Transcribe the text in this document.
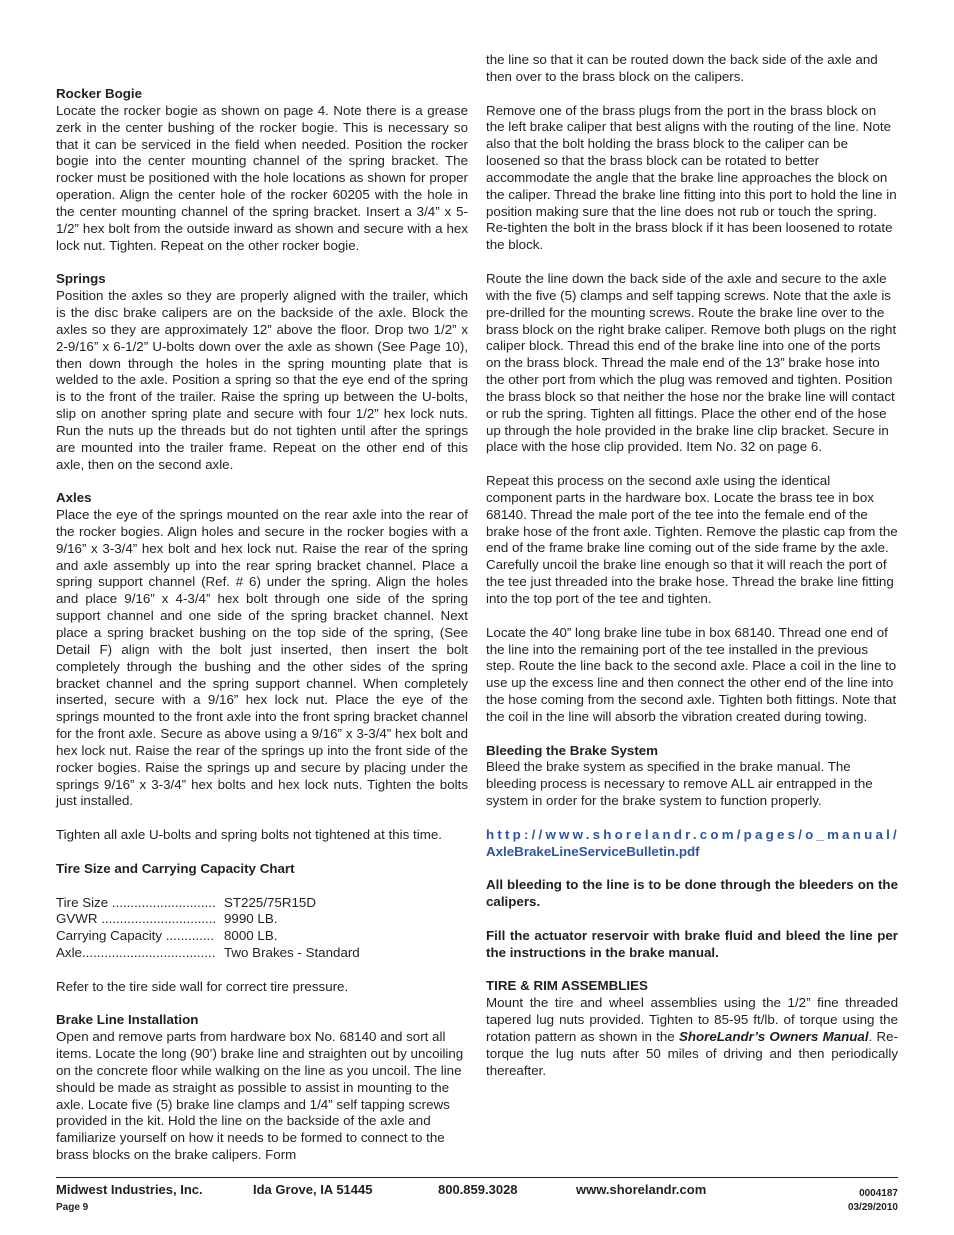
Rocker Bogie

Locate the rocker bogie as shown on page 4. Note there is a grease zerk in the center bushing of the rocker bogie. This is necessary so that it can be serviced in the field when needed. Position the rocker bogie into the center mounting channel of the spring bracket. The rocker must be positioned with the hole locations as shown for proper operation. Align the center hole of the rocker 60205 with the hole in the center mounting channel of the spring bracket. Insert a 3/4” x 5-1/2” hex bolt from the outside inward as shown and secure with a hex lock nut. Tighten. Repeat on the other rocker bogie.

Springs

Position the axles so they are properly aligned with the trailer, which is the disc brake calipers are on the backside of the axle. Block the axles so they are approximately 12” above the floor. Drop two 1/2” x 2-9/16” x 6-1/2” U-bolts down over the axle as shown (See Page 10), then down through the holes in the spring mounting plate that is welded to the axle. Position a spring so that the eye end of the spring is to the front of the trailer. Raise the spring up between the U-bolts, slip on another spring plate and secure with four 1/2” hex lock nuts. Run the nuts up the threads but do not tighten until after the springs are mounted into the trailer frame. Repeat on the other end of this axle, then on the second axle.

Axles

Place the eye of the springs mounted on the rear axle into the rear of the rocker bogies. Align holes and secure in the rocker bogies with a 9/16” x 3-3/4” hex bolt and hex lock nut. Raise the rear of the spring and axle assembly up into the rear spring bracket channel. Place a spring support channel (Ref. # 6) under the spring. Align the holes and place 9/16” x 4-3/4” hex bolt through one side of the spring support channel and one side of the spring bracket channel. Next place a spring bracket bushing on the top side of the spring, (See Detail F) align with the bolt just inserted, then insert the bolt completely through the bushing and the other sides of the spring bracket channel and the spring support channel. When completely inserted, secure with a 9/16” hex lock nut. Place the eye of the springs mounted to the front axle into the front spring bracket channel for the front axle. Secure as above using a 9/16” x 3-3/4” hex bolt and hex lock nut. Raise the rear of the springs up into the front side of the rocker bogies. Raise the springs up and secure by placing under the springs 9/16” x 3-3/4” hex bolts and hex lock nuts. Tighten the bolts just installed.

Tighten all axle U-bolts and spring bolts not tightened at this time.

Tire Size and Carrying Capacity Chart
Tire Size ............................ ST225/75R15D
GVWR ............................... 9990 LB.
Carrying Capacity ............. 8000 LB.
Axle.................................... Two Brakes - Standard

Refer to the tire side wall for correct tire pressure.

Brake Line Installation

Open and remove parts from hardware box No. 68140 and sort all items. Locate the long (90’) brake line and straighten out by uncoiling on the concrete floor while walking on the line as you uncoil. The line should be made as straight as possible to assist in mounting to the axle. Locate five (5) brake line clamps and 1/4” self tapping screws provided in the kit. Hold the line on the backside of the axle and familiarize yourself on how it needs to be formed to connect to the brass blocks on the brake calipers. Form

the line so that it can be routed down the back side of the axle and then over to the brass block on the calipers.

Remove one of the brass plugs from the port in the brass block on the left brake caliper that best aligns with the routing of the line. Note also that the bolt holding the brass block to the caliper can be loosened so that the brass block can be rotated to better accommodate the angle that the brake line approaches the block on the caliper. Thread the brake line fitting into this port to hold the line in position making sure that the line does not rub or touch the spring. Re-tighten the bolt in the brass block if it has been loosened to rotate the block.

Route the line down the back side of the axle and secure to the axle with the five (5) clamps and self tapping screws. Note that the axle is pre-drilled for the mounting screws. Route the brake line over to the brass block on the right brake caliper. Remove both plugs on the right caliper block. Thread this end of the brake line into one of the ports on the brass block. Thread the male end of the 13” brake hose into the other port from which the plug was removed and tighten. Position the brass block so that neither the hose nor the brake line will contact or rub the spring. Tighten all fittings. Place the other end of the hose up through the hole provided in the brake line clip bracket. Secure in place with the hose clip provided. Item No. 32 on page 6.

Repeat this process on the second axle using the identical component parts in the hardware box. Locate the brass tee in box 68140. Thread the male port of the tee into the female end of the brake hose of the front axle. Tighten. Remove the plastic cap from the end of the frame brake line coming out of the side frame by the axle. Carefully uncoil the brake line enough so that it will reach the port of the tee just threaded into the brake hose. Thread the brake line fitting into the top port of the tee and tighten.

Locate the 40” long brake line tube in box 68140. Thread one end of the line into the remaining port of the tee installed in the previous step. Route the line back to the second axle. Place a coil in the line to use up the excess line and then connect the other end of the line into the hose coming from the second axle. Tighten both fittings. Note that the coil in the line will absorb the vibration created during towing.

Bleeding the Brake System

Bleed the brake system as specified in the brake manual. The bleeding process is necessary to remove ALL air entrapped in the system in order for the brake system to function properly.

http://www.shorelandr.com/pages/o_manual/
AxleBrakeLineServiceBulletin.pdf

All bleeding to the line is to be done through the bleeders on the calipers.

Fill the actuator reservoir with brake fluid and bleed the line per the instructions in the brake manual.

TIRE & RIM ASSEMBLIES

Mount the tire and wheel assemblies using the 1/2” fine threaded tapered lug nuts provided. Tighten to 85-95 ft/lb. of torque using the rotation pattern as shown in the ShoreLandr’s Owners Manual. Re-torque the lug nuts after 50 miles of driving and then periodically thereafter.

Midwest Industries, Inc.	Ida Grove, IA 51445	800.859.3028	www.shorelandr.com	0004187
Page 9	03/29/2010
